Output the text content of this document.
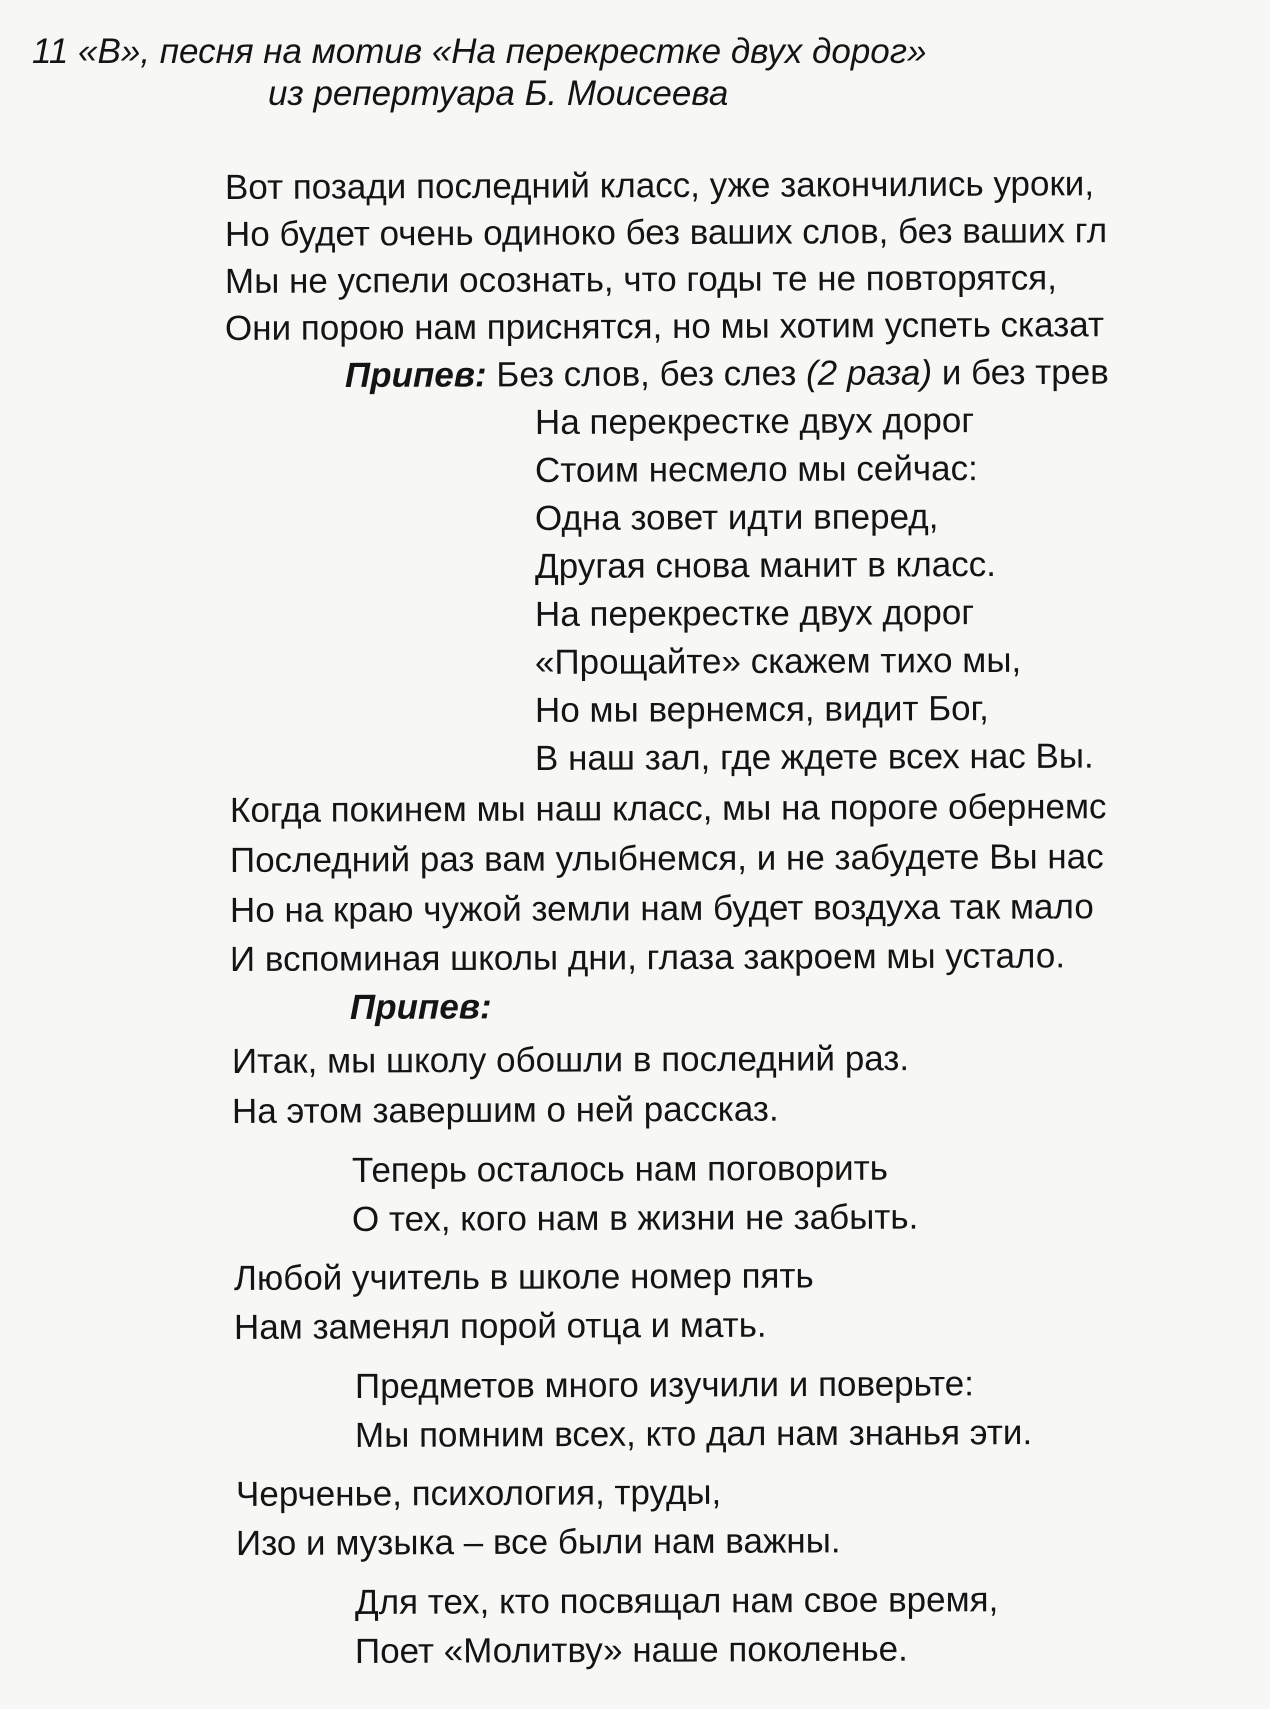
11 «В», песня на мотив «На перекрестке двух дорог»
из репертуара Б. Моисеева
Вот позади последний класс, уже закончились уроки,
Но будет очень одиноко без ваших слов, без ваших гл
Мы не успели осознать, что годы те не повторятся,
Они порою нам приснятся, но мы хотим успеть сказат
Припев: Без слов, без слез (2 раза) и без трев
На перекрестке двух дорог
Стоим несмело мы сейчас:
Одна зовет идти вперед,
Другая снова манит в класс.
На перекрестке двух дорог
«Прощайте» скажем тихо мы,
Но мы вернемся, видит Бог,
В наш зал, где ждете всех нас Вы.
Когда покинем мы наш класс, мы на пороге обернемс
Последний раз вам улыбнемся, и не забудете Вы нас
Но на краю чужой земли нам будет воздуха так мало
И вспоминая школы дни, глаза закроем мы устало.
Припев:
Итак, мы школу обошли в последний раз.
На этом завершим о ней рассказ.
Теперь осталось нам поговорить
О тех, кого нам в жизни не забыть.
Любой учитель в школе номер пять
Нам заменял порой отца и мать.
Предметов много изучили и поверьте:
Мы помним всех, кто дал нам знанья эти.
Черченье, психология, труды,
Изо и музыка – все были нам важны.
Для тех, кто посвящал нам свое время,
Поет «Молитву» наше поколенье.
